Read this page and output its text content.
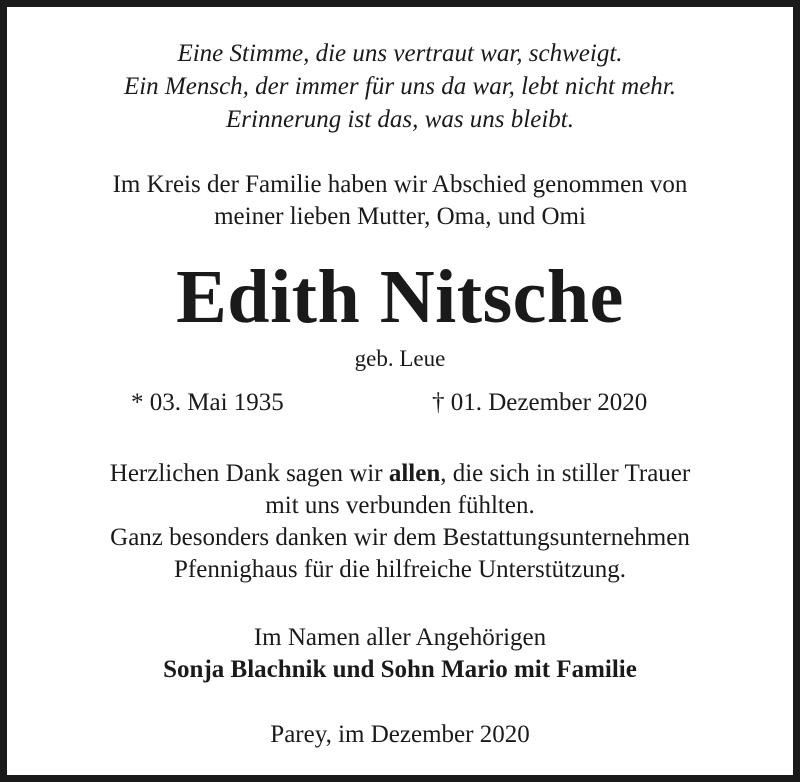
Eine Stimme, die uns vertraut war, schweigt.
Ein Mensch, der immer für uns da war, lebt nicht mehr.
Erinnerung ist das, was uns bleibt.
Im Kreis der Familie haben wir Abschied genommen von
meiner lieben Mutter, Oma, und Omi
Edith Nitsche
geb. Leue
* 03. Mai 1935	† 01. Dezember 2020
Herzlichen Dank sagen wir allen, die sich in stiller Trauer
mit uns verbunden fühlten.
Ganz besonders danken wir dem Bestattungsunternehmen
Pfennighaus für die hilfreiche Unterstützung.
Im Namen aller Angehörigen
Sonja Blachnik und Sohn Mario mit Familie
Parey, im Dezember 2020
